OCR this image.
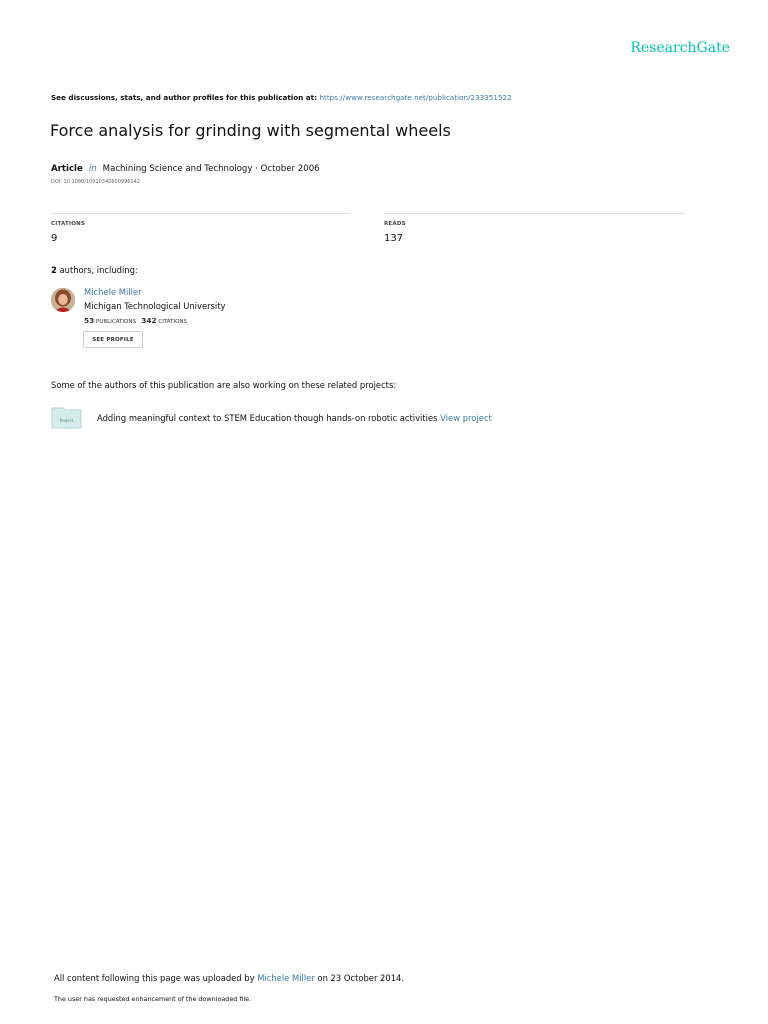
ResearchGate
See discussions, stats, and author profiles for this publication at: https://www.researchgate.net/publication/233351522
Force analysis for grinding with segmental wheels
Article in Machining Science and Technology · October 2006
DOI: 10.1080/10910340600996142
CITATIONS
9
READS
137
2 authors, including:
Michele Miller
Michigan Technological University
53 PUBLICATIONS 342 CITATIONS
SEE PROFILE
Some of the authors of this publication are also working on these related projects:
Project	Adding meaningful context to STEM Education though hands-on robotic activities View project
All content following this page was uploaded by Michele Miller on 23 October 2014.
The user has requested enhancement of the downloaded file.
